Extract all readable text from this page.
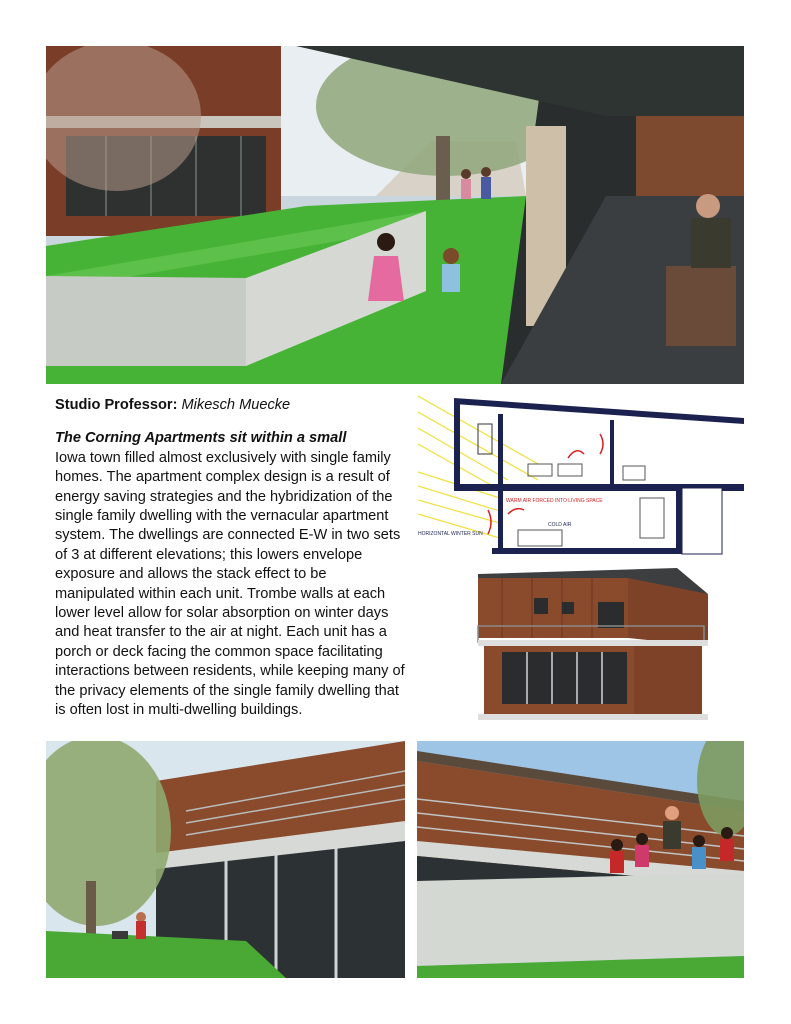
Studio Professor: Mikesch Muecke

The Corning Apartments sit within a small
Iowa town filled almost exclusively with single family homes. The apartment complex design is a result of energy saving strategies and the hybridization of the single family dwelling with the vernacular apartment system. The dwellings are connected E-W in two sets of 3 at different elevations; this lowers envelope exposure and allows the stack effect to be manipulated within each unit. Trombe walls at each lower level allow for solar absorption on winter days and heat transfer to the air at night. Each unit has a porch or deck facing the common space facilitating interactions between residents, while keeping many of the privacy elements of the single family dwelling that is often lost in multi-dwelling buildings.

WARM AIR FORCED INTO LIVING SPACE
COLD AIR
HORIZONTAL WINTER SUN
